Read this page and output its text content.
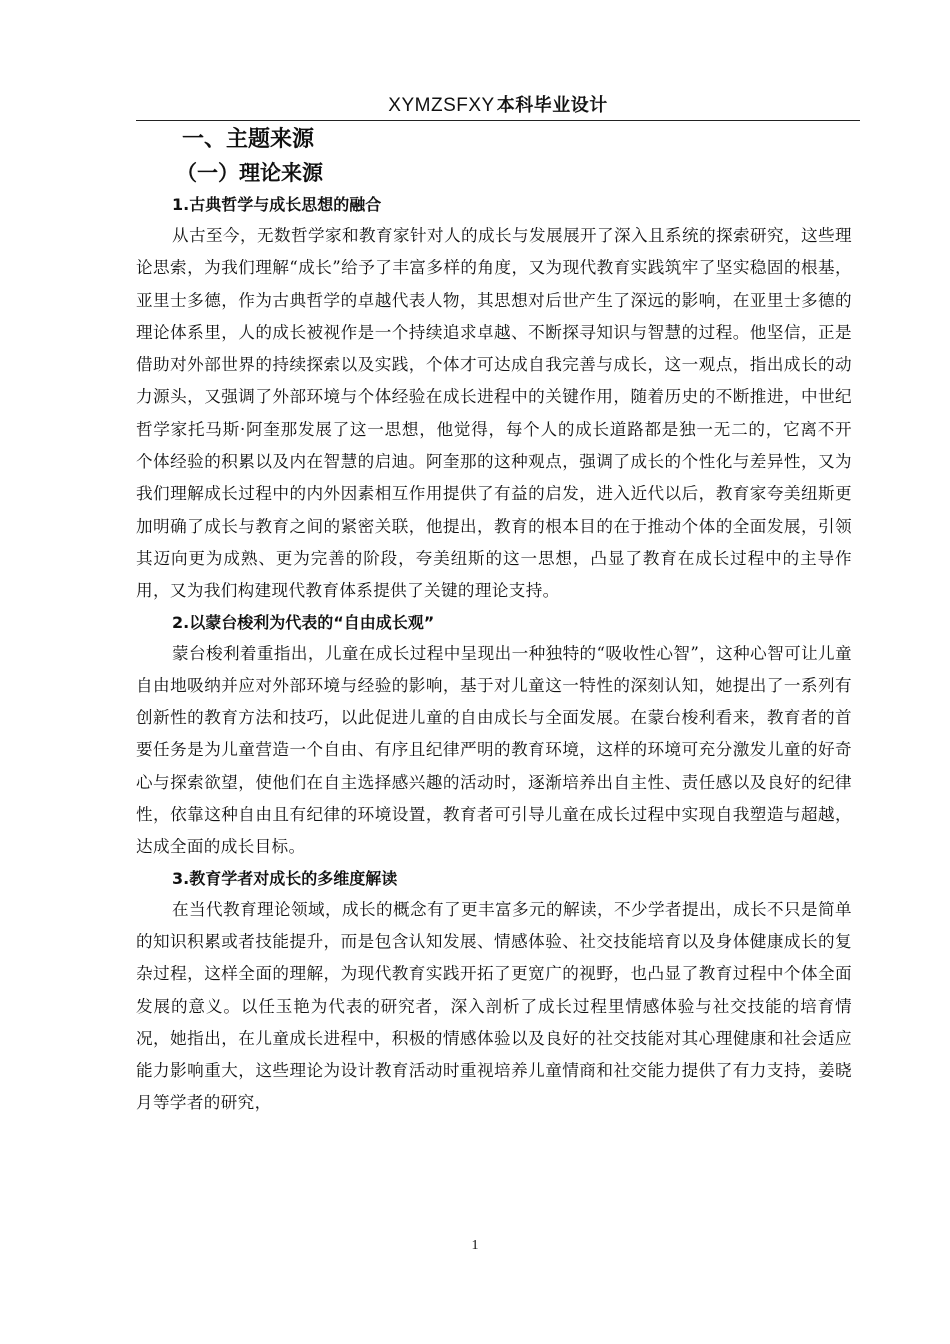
XYMZSFXY 本科毕业设计
一、主题来源
（一）理论来源
1.古典哲学与成长思想的融合

从古至今，无数哲学家和教育家针对人的成长与发展展开了深入且系统的探索研究，这些理论思索，为我们理解“成长”给予了丰富多样的角度，又为现代教育实践筑牢了坚实稳固的根基，亚里士多德，作为古典哲学的卓越代表人物，其思想对后世产生了深远的影响，在亚里士多德的理论体系里，人的成长被视作是一个持续追求卓越、不断探寻知识与智慧的过程。他坚信，正是借助对外部世界的持续探索以及实践，个体才可达成自我完善与成长，这一观点，指出成长的动力源头，又强调了外部环境与个体经验在成长进程中的关键作用，随着历史的不断推进，中世纪哲学家托马斯·阿奎那发展了这一思想，他觉得，每个人的成长道路都是独一无二的，它离不开个体经验的积累以及内在智慧的启迪。阿奎那的这种观点，强调了成长的个性化与差异性，又为我们理解成长过程中的内外因素相互作用提供了有益的启发，进入近代以后，教育家夸美纽斯更加明确了成长与教育之间的紧密关联，他提出，教育的根本目的在于推动个体的全面发展，引领其迈向更为成熟、更为完善的阶段，夸美纽斯的这一思想，凸显了教育在成长过程中的主导作用，又为我们构建现代教育体系提供了关键的理论支持。

2.以蒙台梭利为代表的“自由成长观”

蒙台梭利着重指出，儿童在成长过程中呈现出一种独特的“吸收性心智”，这种心智可让儿童自由地吸纳并应对外部环境与经验的影响，基于对儿童这一特性的深刻认知，她提出了一系列有创新性的教育方法和技巧，以此促进儿童的自由成长与全面发展。在蒙台梭利看来，教育者的首要任务是为儿童营造一个自由、有序且纪律严明的教育环境，这样的环境可充分激发儿童的好奇心与探索欲望，使他们在自主选择感兴趣的活动时，逐渐培养出自主性、责任感以及良好的纪律性，依靠这种自由且有纪律的环境设置，教育者可引导儿童在成长过程中实现自我塑造与超越，达成全面的成长目标。

3.教育学者对成长的多维度解读

在当代教育理论领域，成长的概念有了更丰富多元的解读，不少学者提出，成长不只是简单的知识积累或者技能提升，而是包含认知发展、情感体验、社交技能培育以及身体健康成长的复杂过程，这样全面的理解，为现代教育实践开拓了更宽广的视野，也凸显了教育过程中个体全面发展的意义。以任玉艳为代表的研究者，深入剖析了成长过程里情感体验与社交技能的培育情况，她指出，在儿童成长进程中，积极的情感体验以及良好的社交技能对其心理健康和社会适应能力影响重大，这些理论为设计教育活动时重视培养儿童情商和社交能力提供了有力支持，姜晓月等学者的研究，

1
